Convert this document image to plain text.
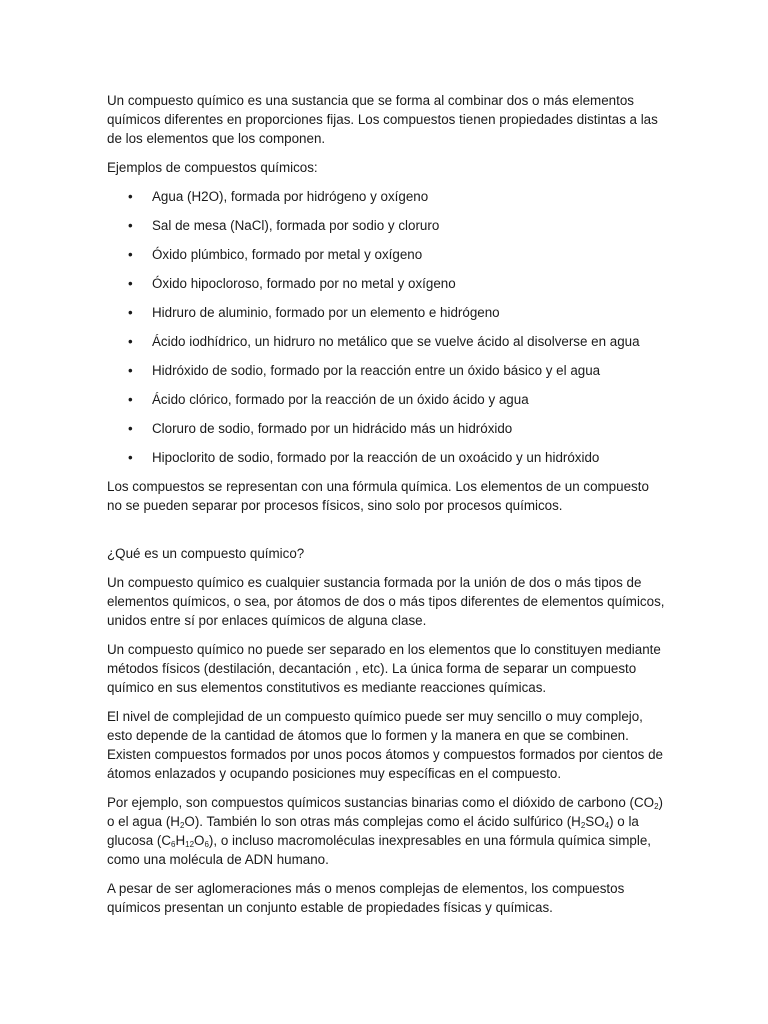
Un compuesto químico es una sustancia que se forma al combinar dos o más elementos químicos diferentes en proporciones fijas. Los compuestos tienen propiedades distintas a las de los elementos que los componen.

Ejemplos de compuestos químicos:

• Agua (H2O), formada por hidrógeno y oxígeno
• Sal de mesa (NaCl), formada por sodio y cloruro
• Óxido plúmbico, formado por metal y oxígeno
• Óxido hipocloroso, formado por no metal y oxígeno
• Hidruro de aluminio, formado por un elemento e hidrógeno
• Ácido iodhídrico, un hidruro no metálico que se vuelve ácido al disolverse en agua
• Hidróxido de sodio, formado por la reacción entre un óxido básico y el agua
• Ácido clórico, formado por la reacción de un óxido ácido y agua
• Cloruro de sodio, formado por un hidrácido más un hidróxido
• Hipoclorito de sodio, formado por la reacción de un oxoácido y un hidróxido

Los compuestos se representan con una fórmula química. Los elementos de un compuesto no se pueden separar por procesos físicos, sino solo por procesos químicos.

¿Qué es un compuesto químico?

Un compuesto químico es cualquier sustancia formada por la unión de dos o más tipos de elementos químicos, o sea, por átomos de dos o más tipos diferentes de elementos químicos, unidos entre sí por enlaces químicos de alguna clase.

Un compuesto químico no puede ser separado en los elementos que lo constituyen mediante métodos físicos (destilación, decantación , etc). La única forma de separar un compuesto químico en sus elementos constitutivos es mediante reacciones químicas.

El nivel de complejidad de un compuesto químico puede ser muy sencillo o muy complejo, esto depende de la cantidad de átomos que lo formen y la manera en que se combinen. Existen compuestos formados por unos pocos átomos y compuestos formados por cientos de átomos enlazados y ocupando posiciones muy específicas en el compuesto.

Por ejemplo, son compuestos químicos sustancias binarias como el dióxido de carbono $(CO_2)$ o el agua $(H_2O)$. También lo son otras más complejas como el ácido sulfúrico $(H_2SO_4)$ o la glucosa $(C_6H_{12}O_6)$, o incluso macromoléculas inexpresables en una fórmula química simple, como una molécula de ADN humano.

A pesar de ser aglomeraciones más o menos complejas de elementos, los compuestos químicos presentan un conjunto estable de propiedades físicas y químicas.
